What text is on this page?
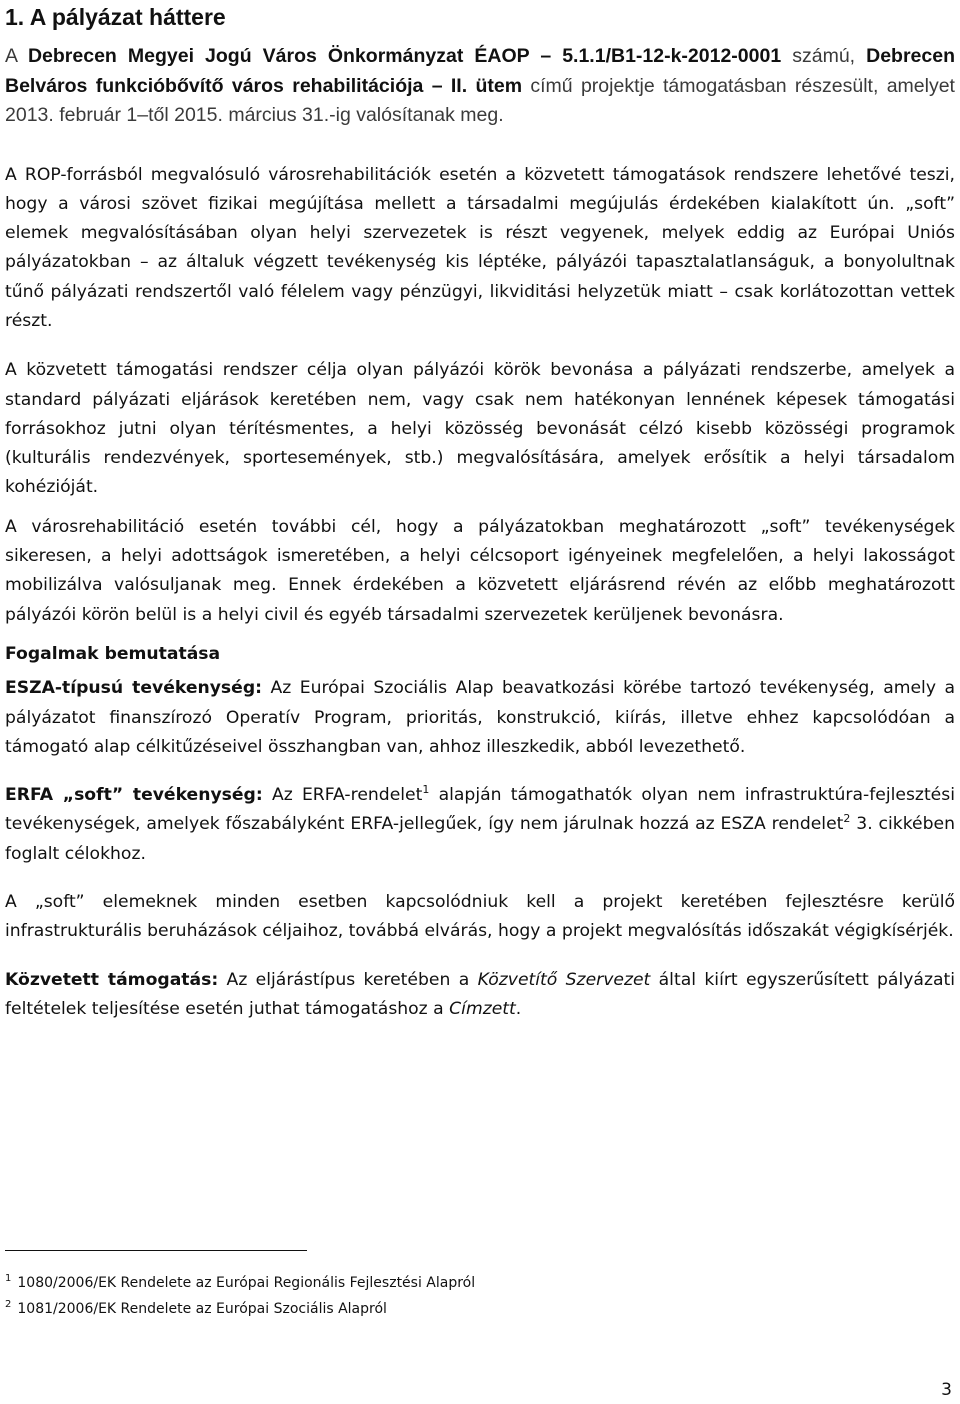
1. A pályázat háttere

A Debrecen Megyei Jogú Város Önkormányzat ÉAOP – 5.1.1/B1-12-k-2012-0001 számú, Debrecen Belváros funkcióbővítő város rehabilitációja – II. ütem című projektje támogatásban részesült, amelyet 2013. február 1–től 2015. március 31.-ig valósítanak meg.

A ROP-forrásból megvalósuló városrehabilitációk esetén a közvetett támogatások rendszere lehetővé teszi, hogy a városi szövet fizikai megújítása mellett a társadalmi megújulás érdekében kialakított ún. „soft” elemek megvalósításában olyan helyi szervezetek is részt vegyenek, melyek eddig az Európai Uniós pályázatokban – az általuk végzett tevékenység kis léptéke, pályázói tapasztalatlanságuk, a bonyolultnak tűnő pályázati rendszertől való félelem vagy pénzügyi, likviditási helyzetük miatt – csak korlátozottan vettek részt.

A közvetett támogatási rendszer célja olyan pályázói körök bevonása a pályázati rendszerbe, amelyek a standard pályázati eljárások keretében nem, vagy csak nem hatékonyan lennének képesek támogatási forrásokhoz jutni olyan térítésmentes, a helyi közösség bevonását célzó kisebb közösségi programok (kulturális rendezvények, sportesemények, stb.) megvalósítására, amelyek erősítik a helyi társadalom kohézióját.

A városrehabilitáció esetén további cél, hogy a pályázatokban meghatározott „soft” tevékenységek sikeresen, a helyi adottságok ismeretében, a helyi célcsoport igényeinek megfelelően, a helyi lakosságot mobilizálva valósuljanak meg. Ennek érdekében a közvetett eljárásrend révén az előbb meghatározott pályázói körön belül is a helyi civil és egyéb társadalmi szervezetek kerüljenek bevonásra.

Fogalmak bemutatása

ESZA-típusú tevékenység: Az Európai Szociális Alap beavatkozási körébe tartozó tevékenység, amely a pályázatot finanszírozó Operatív Program, prioritás, konstrukció, kiírás, illetve ehhez kapcsolódóan a támogató alap célkitűzéseivel összhangban van, ahhoz illeszkedik, abból levezethető.

ERFA „soft” tevékenység: Az ERFA-rendelet$^1$ alapján támogathatók olyan nem infrastruktúra-fejlesztési tevékenységek, amelyek főszabályként ERFA-jellegűek, így nem járulnak hozzá az ESZA rendelet$^2$ 3. cikkében foglalt célokhoz.

A „soft” elemeknek minden esetben kapcsolódniuk kell a projekt keretében fejlesztésre kerülő infrastrukturális beruházások céljaihoz, továbbá elvárás, hogy a projekt megvalósítás időszakát végigkísérjék.

Közvetett támogatás: Az eljárástípus keretében a Közvetítő Szervezet által kiírt egyszerűsített pályázati feltételek teljesítése esetén juthat támogatáshoz a Címzett.

$^1$ 1080/2006/EK Rendelete az Európai Regionális Fejlesztési Alapról
$^2$ 1081/2006/EK Rendelete az Európai Szociális Alapról
3
